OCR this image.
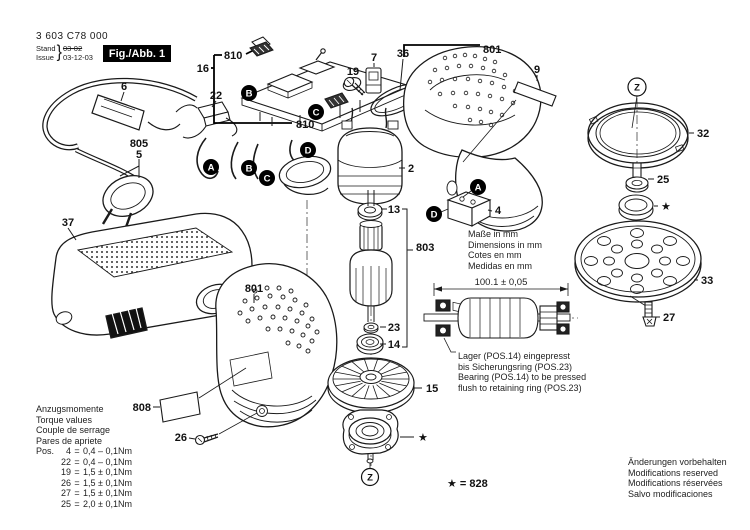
810
16
22
810
6
805
5
37
801
808
26
19
7 36	801
9
2
13
803
4
23
14
15
★
32
25
★
33
27
B
C
A	B
C
D
A
D
Z
Z
100.1 ± 0,05
★ = 828
3 603 C78 000
Stand
Issue } 03-02
03-12-03 Fig./Abb. 1
Anzugsmomente
Torque values
Couple de serrage
Pares de apriete
Pos.	4 = 0,4 – 0,1Nm
22 = 0,4 – 0,1Nm
19 = 1,5 ± 0,1Nm
26 = 1,5 ± 0,1Nm
27 = 1,5 ± 0,1Nm
25 = 2,0 ± 0,1Nm
Maße in mm
Dimensions in mm
Cotes en mm
Medidas en mm
Lager (POS.14) eingepresst
bis Sicherungsring (POS.23)
Bearing (POS.14) to be pressed
flush to retaining ring (POS.23)
Änderungen vorbehalten
Modifications reserved
Modifications réservées
Salvo modificaciones
